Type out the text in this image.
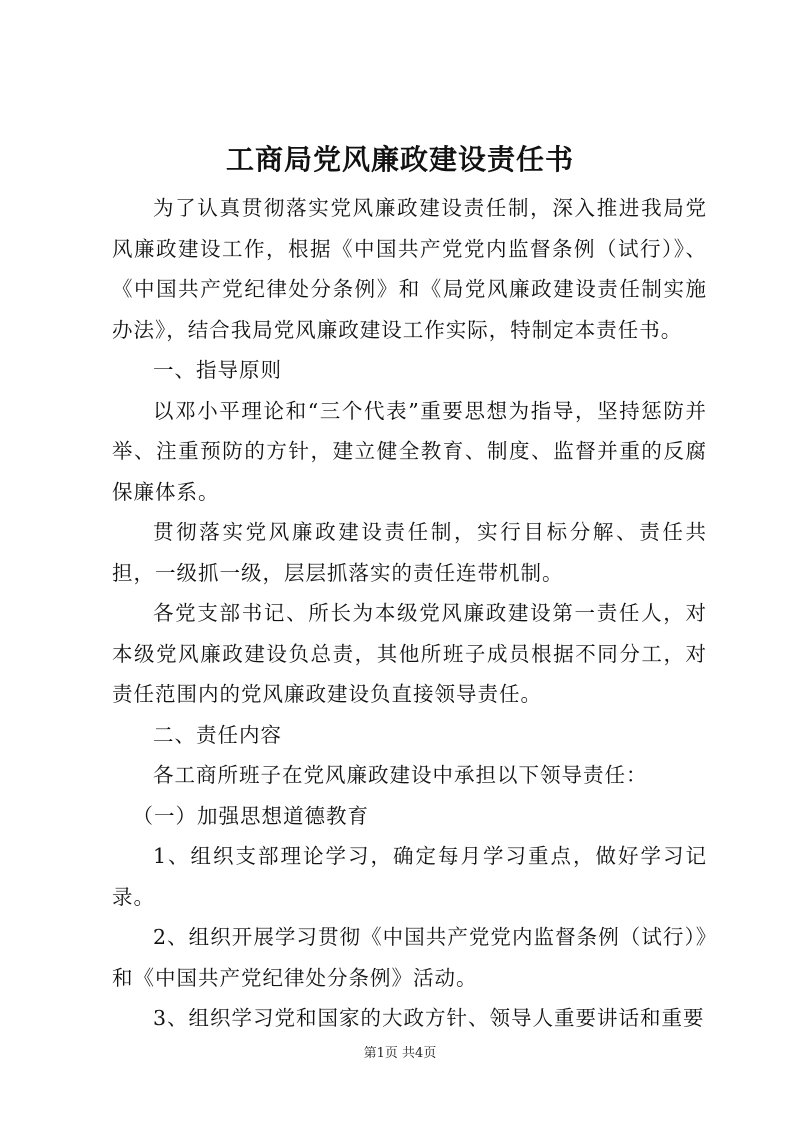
工商局党风廉政建设责任书

为了认真贯彻落实党风廉政建设责任制，深入推进我局党风廉政建设工作，根据《中国共产党党内监督条例（试行）》、《中国共产党纪律处分条例》和《局党风廉政建设责任制实施办法》，结合我局党风廉政建设工作实际，特制定本责任书。

一、指导原则

以邓小平理论和“三个代表”重要思想为指导，坚持惩防并举、注重预防的方针，建立健全教育、制度、监督并重的反腐保廉体系。

贯彻落实党风廉政建设责任制，实行目标分解、责任共担，一级抓一级，层层抓落实的责任连带机制。

各党支部书记、所长为本级党风廉政建设第一责任人，对本级党风廉政建设负总责，其他所班子成员根据不同分工，对责任范围内的党风廉政建设负直接领导责任。

二、责任内容

各工商所班子在党风廉政建设中承担以下领导责任：

（一）加强思想道德教育

1、组织支部理论学习，确定每月学习重点，做好学习记录。

2、组织开展学习贯彻《中国共产党党内监督条例（试行）》和《中国共产党纪律处分条例》活动。

3、组织学习党和国家的大政方针、领导人重要讲话和重要

第1页 共4页
